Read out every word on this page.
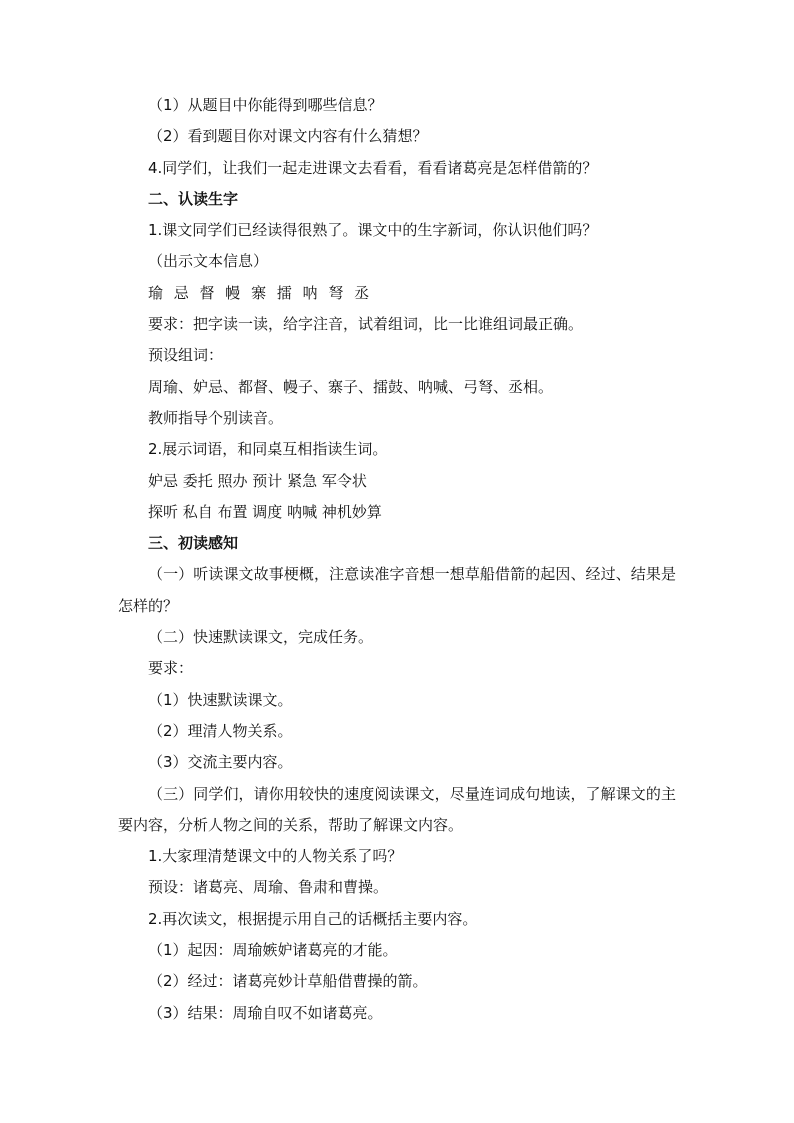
（1）从题目中你能得到哪些信息？
（2）看到题目你对课文内容有什么猜想？
4.同学们，让我们一起走进课文去看看，看看诸葛亮是怎样借箭的？
二、认读生字
1.课文同学们已经读得很熟了。课文中的生字新词，你认识他们吗？
（出示文本信息）
瑜 忌 督 幔 寨 擂 呐 弩 丞
要求：把字读一读，给字注音，试着组词，比一比谁组词最正确。
预设组词：
周瑜、妒忌、都督、幔子、寨子、擂鼓、呐喊、弓弩、丞相。
教师指导个别读音。
2.展示词语，和同桌互相指读生词。
妒忌 委托 照办 预计 紧急 军令状
探听 私自 布置 调度 呐喊 神机妙算
三、初读感知
（一）听读课文故事梗概，注意读准字音想一想草船借箭的起因、经过、结果是怎样的？
（二）快速默读课文，完成任务。
要求：
（1）快速默读课文。
（2）理清人物关系。
（3）交流主要内容。
（三）同学们，请你用较快的速度阅读课文，尽量连词成句地读，了解课文的主要内容，分析人物之间的关系，帮助了解课文内容。
1.大家理清楚课文中的人物关系了吗？
预设：诸葛亮、周瑜、鲁肃和曹操。
2.再次读文，根据提示用自己的话概括主要内容。
（1）起因：周瑜嫉妒诸葛亮的才能。
（2）经过：诸葛亮妙计草船借曹操的箭。
（3）结果：周瑜自叹不如诸葛亮。
